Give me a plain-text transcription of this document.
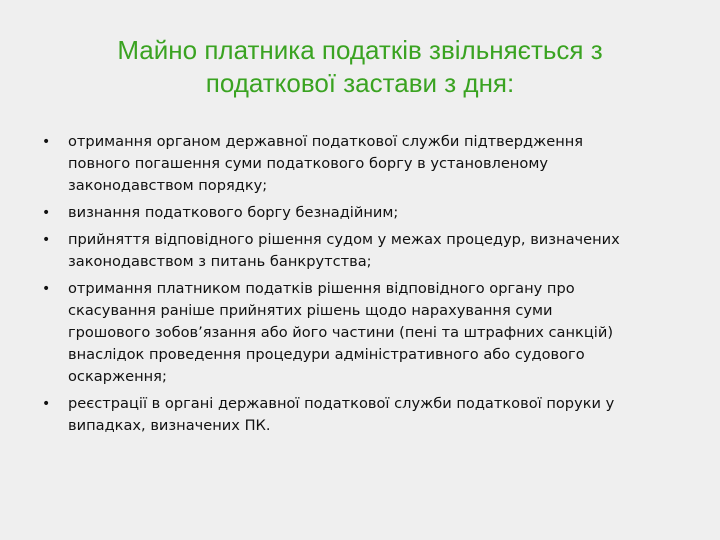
Майно платника податків звільняється з
податкової застави з дня:
•	отримання органом державної податкової служби підтвердження
повного погашення суми податкового боргу в установленому
законодавством порядку;
•	визнання податкового боргу безнадійним;
•	прийняття відповідного рішення судом у межах процедур, визначених
законодавством з питань банкрутства;
•	отримання платником податків рішення відповідного органу про
скасування раніше прийнятих рішень щодо нарахування суми
грошового зобов’язання або його частини (пені та штрафних санкцій)
внаслідок проведення процедури адміністративного або судового
оскарження;
•	реєстрації в органі державної податкової служби податкової поруки у
випадках, визначених ПК.
